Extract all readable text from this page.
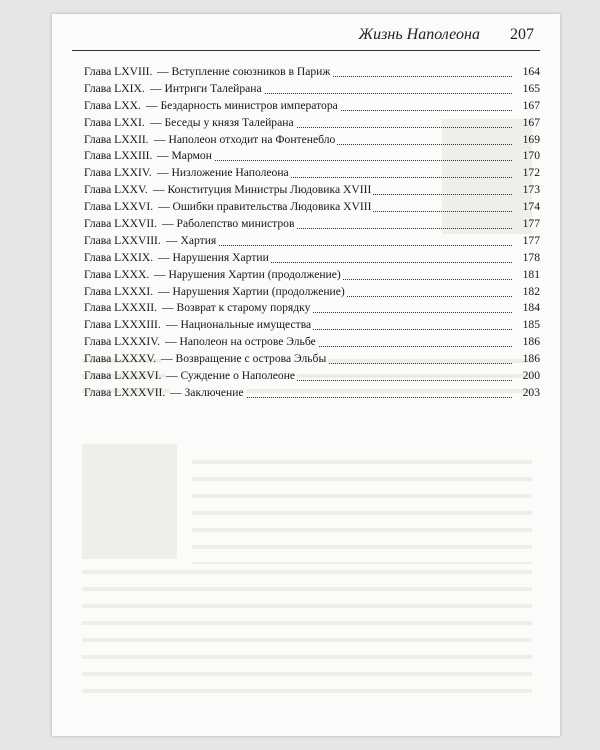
Жизнь Наполеона 207
Глава LXVIII. — Вступление союзников в Париж	164
Глава LXIX. — Интриги Талейрана	165
Глава LXX. — Бездарность министров императора	167
Глава LXXI. — Беседы у князя Талейрана	167
Глава LXXII. — Наполеон отходит на Фонтенебло	169
Глава LXXIII. — Мармон	170
Глава LXXIV. — Низложение Наполеона	172
Глава LXXV. — Конституция Министры Людовика XVIII	173
Глава LXXVI. — Ошибки правительства Людовика XVIII	174
Глава LXXVII. — Раболепство министров	177
Глава LXXVIII. — Хартия	177
Глава LXXIX. — Нарушения Хартии	178
Глава LXXX. — Нарушения Хартии (продолжение)	181
Глава LXXXI. — Нарушения Хартии (продолжение)	182
Глава LXXXII. — Возврат к старому порядку	184
Глава LXXXIII. — Национальные имущества	185
Глава LXXXIV. — Наполеон на острове Эльбе	186
Глава LXXXV. — Возвращение с острова Эльбы	186
Глава LXXXVI. — Суждение о Наполеоне	200
Глава LXXXVII. — Заключение	203
